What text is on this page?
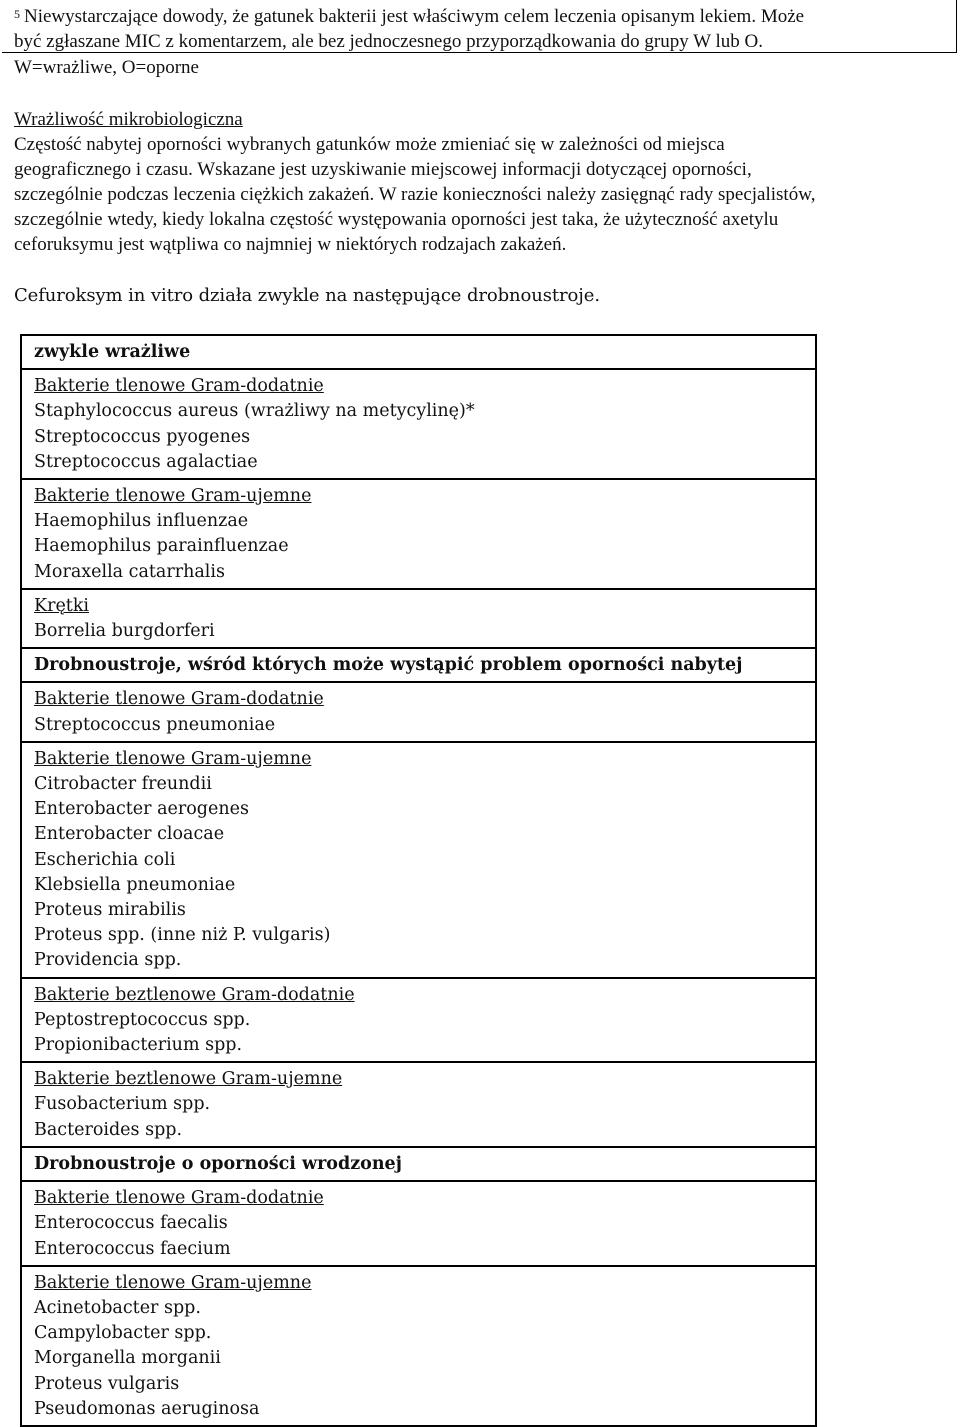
$^5$ Niewystarczające dowody, że gatunek bakterii jest właściwym celem leczenia opisanym lekiem. Może
być zgłaszane MIC z komentarzem, ale bez jednoczesnego przyporządkowania do grupy W lub O.
W=wrażliwe, O=oporne
Wrażliwość mikrobiologiczna
Częstość nabytej oporności wybranych gatunków może zmieniać się w zależności od miejsca
geograficznego i czasu. Wskazane jest uzyskiwanie miejscowej informacji dotyczącej oporności,
szczególnie podczas leczenia ciężkich zakażeń. W razie konieczności należy zasięgnąć rady specjalistów,
szczególnie wtedy, kiedy lokalna częstość występowania oporności jest taka, że użyteczność axetylu
ceforuksymu jest wątpliwa co najmniej w niektórych rodzajach zakażeń.
Cefuroksym in vitro działa zwykle na następujące drobnoustroje.
zwykle wrażliwe

Bakterie tlenowe Gram-dodatnie
Staphylococcus aureus (wrażliwy na metycylinę)*
Streptococcus pyogenes
Streptococcus agalactiae

Bakterie tlenowe Gram-ujemne
Haemophilus influenzae
Haemophilus parainfluenzae
Moraxella catarrhalis

Krętki
Borrelia burgdorferi

Drobnoustroje, wśród których może wystąpić problem oporności nabytej

Bakterie tlenowe Gram-dodatnie
Streptococcus pneumoniae

Bakterie tlenowe Gram-ujemne
Citrobacter freundii
Enterobacter aerogenes
Enterobacter cloacae
Escherichia coli
Klebsiella pneumoniae
Proteus mirabilis
Proteus spp. (inne niż P. vulgaris)
Providencia spp.

Bakterie beztlenowe Gram-dodatnie
Peptostreptococcus spp.
Propionibacterium spp.

Bakterie beztlenowe Gram-ujemne
Fusobacterium spp.
Bacteroides spp.

Drobnoustroje o oporności wrodzonej

Bakterie tlenowe Gram-dodatnie
Enterococcus faecalis
Enterococcus faecium

Bakterie tlenowe Gram-ujemne
Acinetobacter spp.
Campylobacter spp.
Morganella morganii
Proteus vulgaris
Pseudomonas aeruginosa
